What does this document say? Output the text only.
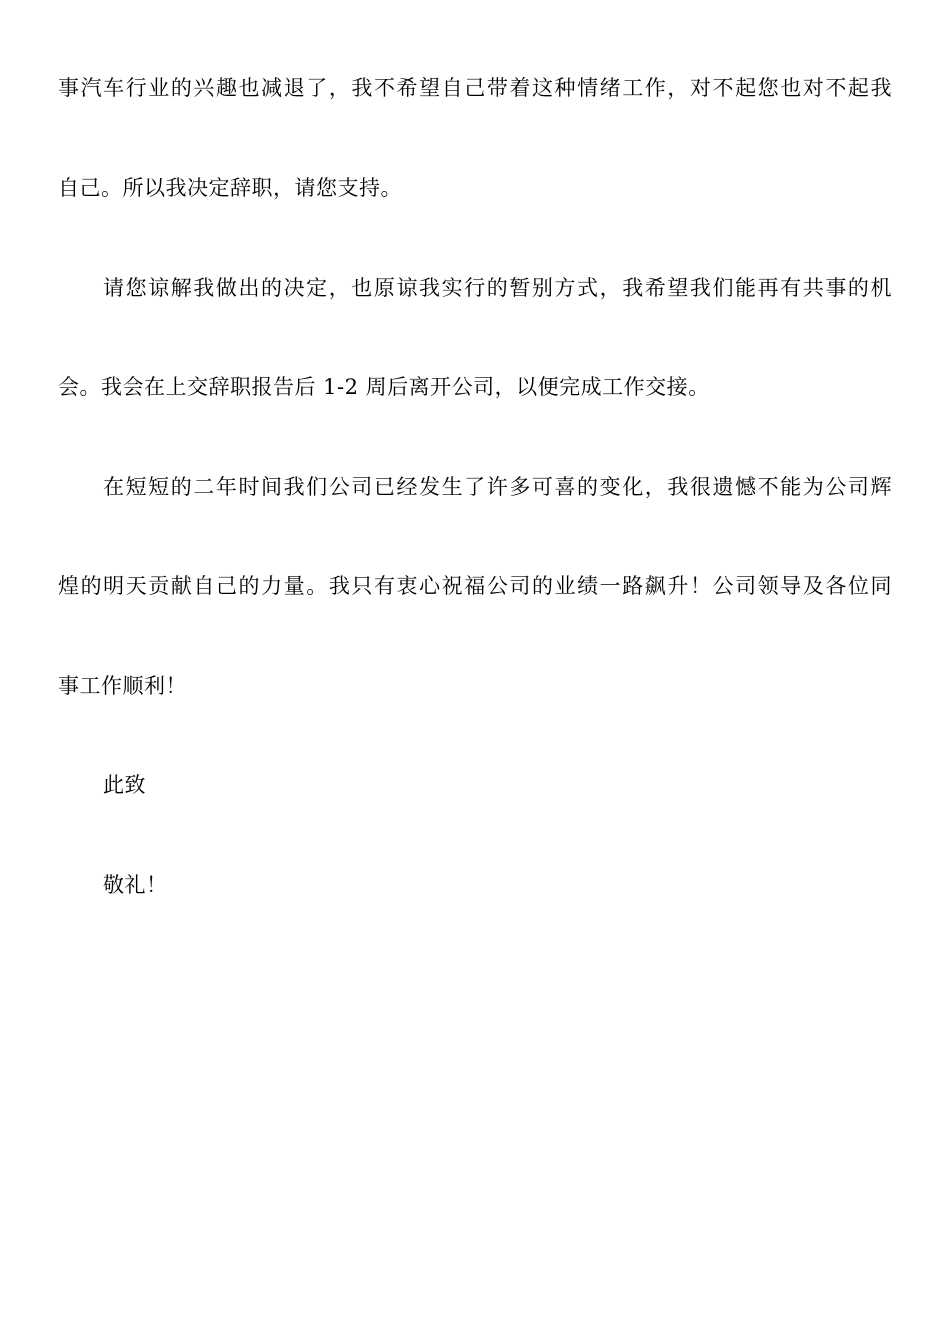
事汽车行业的兴趣也减退了，我不希望自己带着这种情绪工作，对不起您也对不起我
自己。所以我决定辞职，请您支持。
请您谅解我做出的决定，也原谅我实行的暂别方式，我希望我们能再有共事的机
会。我会在上交辞职报告后 1-2 周后离开公司，以便完成工作交接。
在短短的二年时间我们公司已经发生了许多可喜的变化，我很遗憾不能为公司辉
煌的明天贡献自己的力量。我只有衷心祝福公司的业绩一路飙升！公司领导及各位同
事工作顺利！
此致
敬礼！
